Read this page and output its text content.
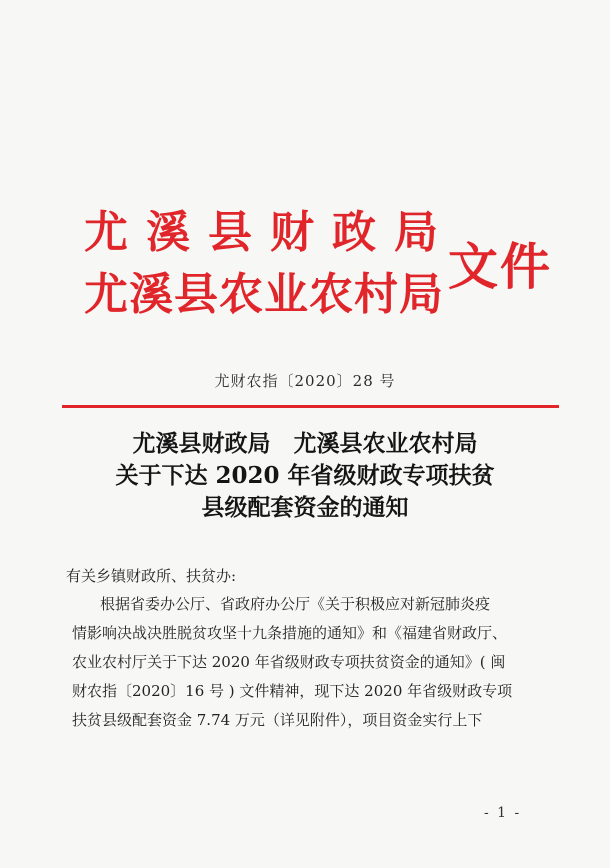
尤溪县财政局
尤溪县农业农村局 文件
尤财农指〔2020〕28 号
尤溪县财政局　尤溪县农业农村局
关于下达 2020 年省级财政专项扶贫
县级配套资金的通知
有关乡镇财政所、扶贫办:

根据省委办公厅、省政府办公厅《关于积极应对新冠肺炎疫

情影响决战决胜脱贫攻坚十九条措施的通知》和《福建省财政厅、

农业农村厅关于下达 2020 年省级财政专项扶贫资金的通知》( 闽

财农指〔2020〕16 号 ) 文件精神，现下达 2020 年省级财政专项

扶贫县级配套资金 7.74 万元（详见附件），项目资金实行上下

- 1 -
